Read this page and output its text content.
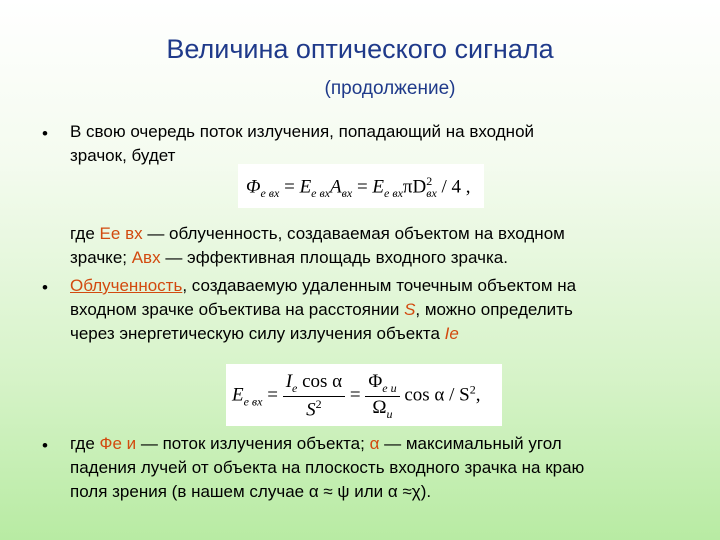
Величина оптического сигнала
(продолжение)
• В свою очередь поток излучения, попадающий на входной
зрачок, будет
$\Phi_{e вх} = E_{e вх}A_{вх} = E_{e вх}\pi D^2_{вх} / 4$ ,
где Ee вх — облученность, создаваемая объектом на входном
зрачке; Aвх — эффективная площадь входного зрачка.
• Облученность, создаваемую удаленным точечным объектом на
входном зрачке объектива на расстоянии S, можно определить
через энергетическую силу излучения объекта Ie
$E_{e вх} = \frac{I_e \cos \alpha}{S^2} = \frac{\Phi_{e и}}{\Omega_и}$ cos α / $S^2$,
• где Фe и — поток излучения объекта; α — максимальный угол
падения лучей от объекта на плоскость входного зрачка на краю
поля зрения (в нашем случае α ≈ ψ или α ≈χ).
